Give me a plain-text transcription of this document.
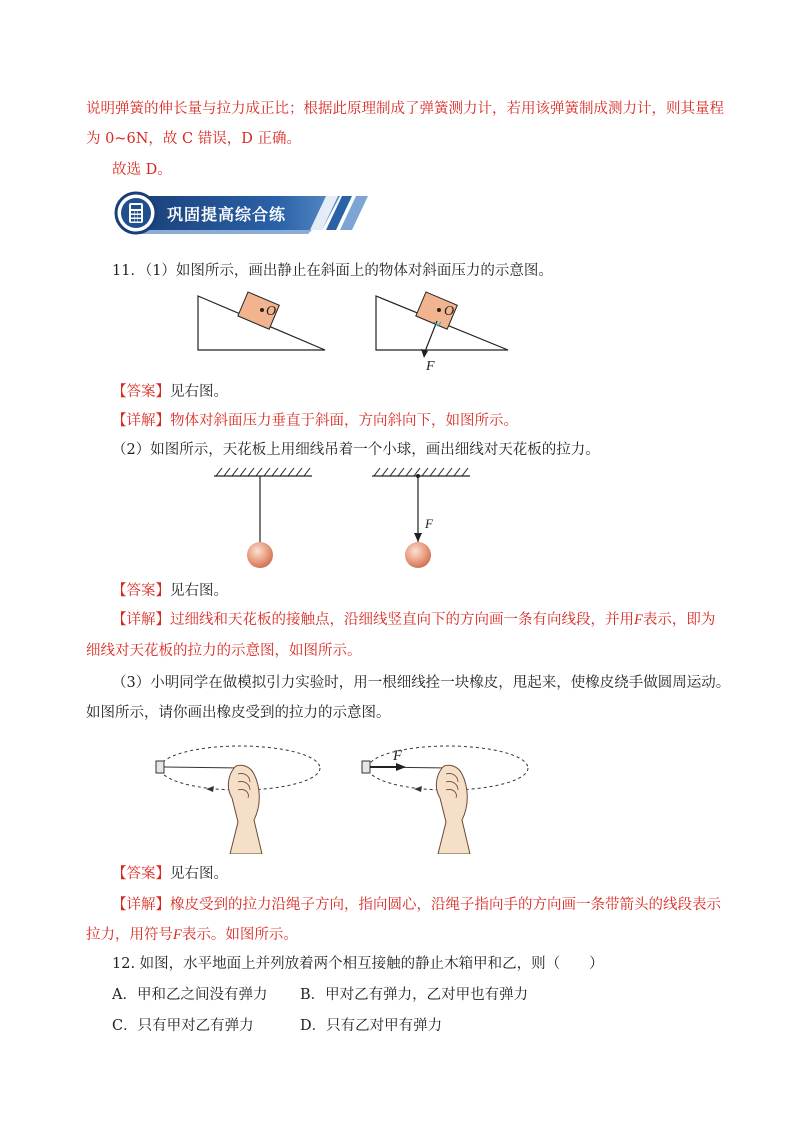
说明弹簧的伸长量与拉力成正比；根据此原理制成了弹簧测力计，若用该弹簧制成测力计，则其量程
为 0~6N，故 C 错误，D 正确。
故选 D。
巩固提高综合练
11．（1）如图所示，画出静止在斜面上的物体对斜面压力的示意图。
O	O
F
【答案】见右图。
【详解】物体对斜面压力垂直于斜面，方向斜向下，如图所示。
（2）如图所示，天花板上用细线吊着一个小球，画出细线对天花板的拉力。
F
【答案】见右图。
【详解】过细线和天花板的接触点，沿细线竖直向下的方向画一条有向线段，并用F表示，即为
细线对天花板的拉力的示意图，如图所示。
（3）小明同学在做模拟引力实验时，用一根细线拴一块橡皮，甩起来，使橡皮绕手做圆周运动。
如图所示，请你画出橡皮受到的拉力的示意图。
F
【答案】见右图。
【详解】橡皮受到的拉力沿绳子方向，指向圆心，沿绳子指向手的方向画一条带箭头的线段表示
拉力，用符号F表示。如图所示。
12. 如图，水平地面上并列放着两个相互接触的静止木箱甲和乙，则（　　）
A．甲和乙之间没有弹力 B．甲对乙有弹力，乙对甲也有弹力
C．只有甲对乙有弹力	D．只有乙对甲有弹力
